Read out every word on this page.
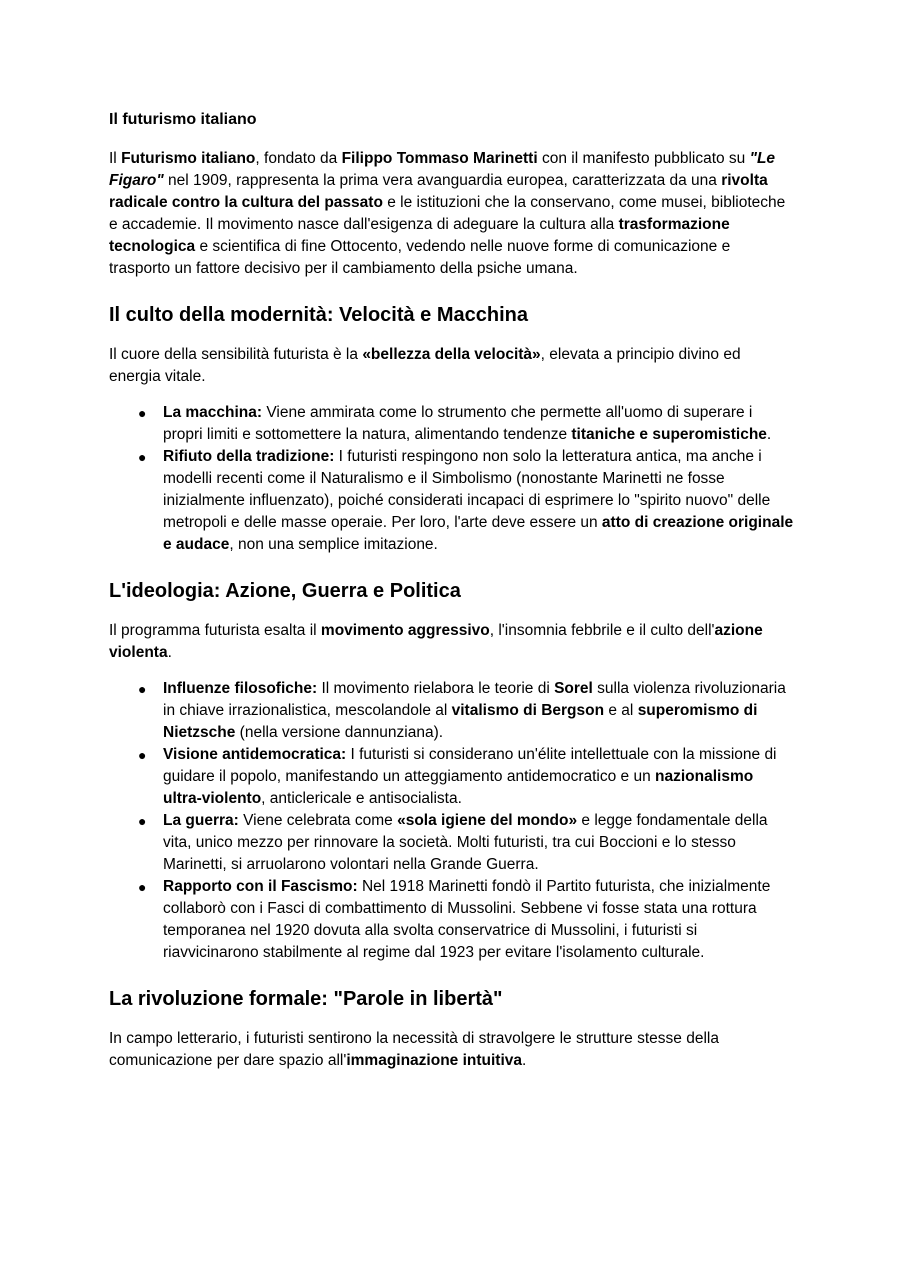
Il futurismo italiano

Il Futurismo italiano, fondato da Filippo Tommaso Marinetti con il manifesto pubblicato su "Le Figaro" nel 1909, rappresenta la prima vera avanguardia europea, caratterizzata da una rivolta radicale contro la cultura del passato e le istituzioni che la conservano, come musei, biblioteche e accademie. Il movimento nasce dall'esigenza di adeguare la cultura alla trasformazione tecnologica e scientifica di fine Ottocento, vedendo nelle nuove forme di comunicazione e trasporto un fattore decisivo per il cambiamento della psiche umana.

Il culto della modernità: Velocità e Macchina

Il cuore della sensibilità futurista è la «bellezza della velocità», elevata a principio divino ed energia vitale.

● La macchina: Viene ammirata come lo strumento che permette all'uomo di superare i propri limiti e sottomettere la natura, alimentando tendenze titaniche e superomistiche.
● Rifiuto della tradizione: I futuristi respingono non solo la letteratura antica, ma anche i modelli recenti come il Naturalismo e il Simbolismo (nonostante Marinetti ne fosse inizialmente influenzato), poiché considerati incapaci di esprimere lo "spirito nuovo" delle metropoli e delle masse operaie. Per loro, l'arte deve essere un atto di creazione originale e audace, non una semplice imitazione.
L'ideologia: Azione, Guerra e Politica

Il programma futurista esalta il movimento aggressivo, l'insomnia febbrile e il culto dell'azione violenta.

● Influenze filosofiche: Il movimento rielabora le teorie di Sorel sulla violenza rivoluzionaria in chiave irrazionalistica, mescolandole al vitalismo di Bergson e al superomismo di Nietzsche (nella versione dannunziana).
● Visione antidemocratica: I futuristi si considerano un'élite intellettuale con la missione di guidare il popolo, manifestando un atteggiamento antidemocratico e un nazionalismo ultra-violento, anticlericale e antisocialista.
● La guerra: Viene celebrata come «sola igiene del mondo» e legge fondamentale della vita, unico mezzo per rinnovare la società. Molti futuristi, tra cui Boccioni e lo stesso Marinetti, si arruolarono volontari nella Grande Guerra.
● Rapporto con il Fascismo: Nel 1918 Marinetti fondò il Partito futurista, che inizialmente collaborò con i Fasci di combattimento di Mussolini. Sebbene vi fosse stata una rottura temporanea nel 1920 dovuta alla svolta conservatrice di Mussolini, i futuristi si riavvicinarono stabilmente al regime dal 1923 per evitare l'isolamento culturale.
La rivoluzione formale: "Parole in libertà"

In campo letterario, i futuristi sentirono la necessità di stravolgere le strutture stesse della comunicazione per dare spazio all'immaginazione intuitiva.
